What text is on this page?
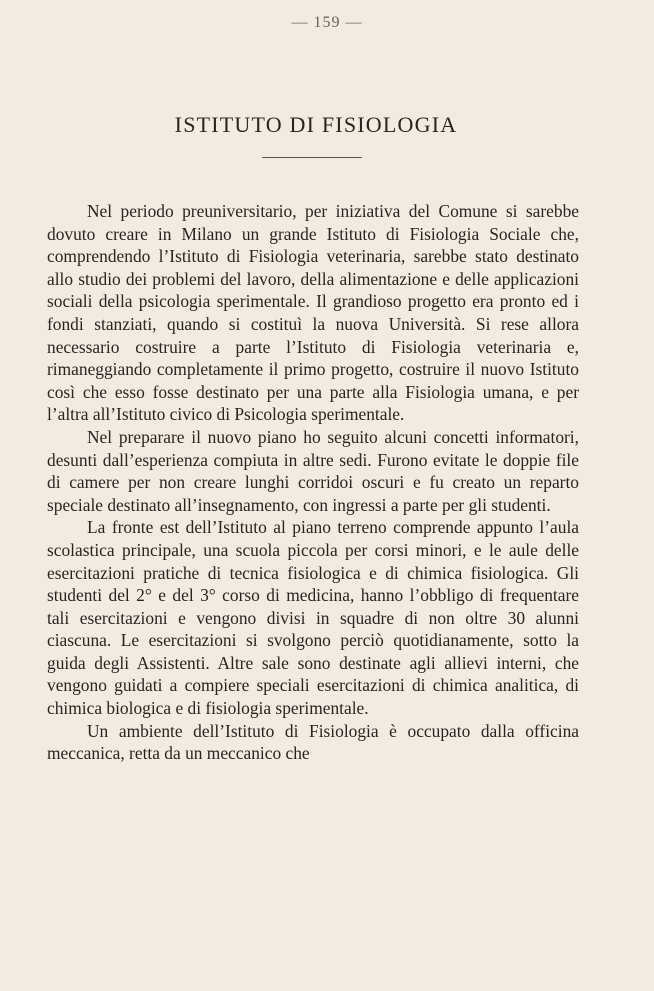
— 159 —
ISTITUTO DI FISIOLOGIA

Nel periodo preuniversitario, per iniziativa del Comune si sarebbe dovuto creare in Milano un grande Istituto di Fisiologia Sociale che, comprendendo l’Istituto di Fisiologia veterinaria, sarebbe stato destinato allo studio dei problemi del lavoro, della alimentazione e delle applicazioni sociali della psicologia sperimentale. Il grandioso progetto era pronto ed i fondi stanziati, quando si costituì la nuova Università. Si rese allora necessario costruire a parte l’Istituto di Fisiologia veterinaria e, rimaneggiando completamente il primo progetto, costruire il nuovo Istituto così che esso fosse destinato per una parte alla Fisiologia umana, e per l’altra all’Istituto civico di Psicologia sperimentale.

Nel preparare il nuovo piano ho seguito alcuni concetti informatori, desunti dall’esperienza compiuta in altre sedi. Furono evitate le doppie file di camere per non creare lunghi corridoi oscuri e fu creato un reparto speciale destinato all’insegnamento, con ingressi a parte per gli studenti.

La fronte est dell’Istituto al piano terreno comprende appunto l’aula scolastica principale, una scuola piccola per corsi minori, e le aule delle esercitazioni pratiche di tecnica fisiologica e di chimica fisiologica. Gli studenti del 2° e del 3° corso di medicina, hanno l’obbligo di frequentare tali esercitazioni e vengono divisi in squadre di non oltre 30 alunni ciascuna. Le esercitazioni si svolgono perciò quotidianamente, sotto la guida degli Assistenti. Altre sale sono destinate agli allievi interni, che vengono guidati a compiere speciali esercitazioni di chimica analitica, di chimica biologica e di fisiologia sperimentale.

Un ambiente dell’Istituto di Fisiologia è occupato dalla officina meccanica, retta da un meccanico che
